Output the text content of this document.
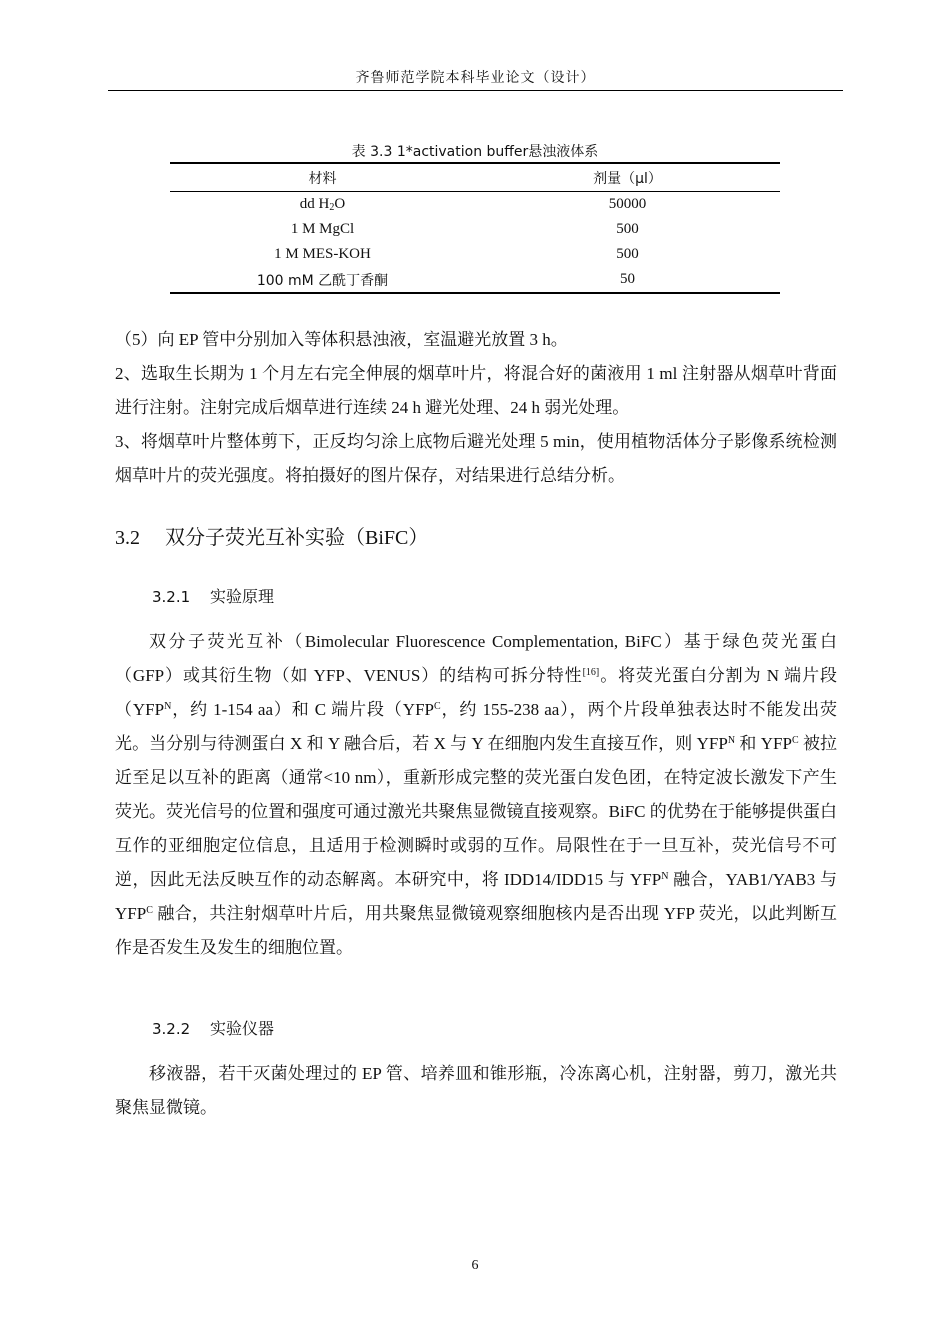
齐鲁师范学院本科毕业论文（设计）
表 3.3 1*activation buffer悬浊液体系
材料	剂量（μl）
dd $H_2O$	50000
1 M MgCl	500
1 M MES-KOH	500
100 mM 乙酰丁香酮	50

（5）向 EP 管中分别加入等体积悬浊液，室温避光放置 3 h。

2、选取生长期为 1 个月左右完全伸展的烟草叶片，将混合好的菌液用 1 ml 注射器从烟草叶背面进行注射。注射完成后烟草进行连续 24 h 避光处理、24 h 弱光处理。

3、将烟草叶片整体剪下，正反均匀涂上底物后避光处理 5 min，使用植物活体分子影像系统检测烟草叶片的荧光强度。将拍摄好的图片保存，对结果进行总结分析。

3.2 双分子荧光互补实验（BiFC）
3.2.1 实验原理

双分子荧光互补（Bimolecular Fluorescence Complementation, BiFC）基于绿色荧光蛋白（GFP）或其衍生物（如 YFP、VENUS）的结构可拆分特性[16]。将荧光蛋白分割为 N 端片段（$YFP^N$，约 1-154 aa）和 C 端片段（$YFP^C$，约 155-238 aa），两个片段单独表达时不能发出荧光。当分别与待测蛋白 X 和 Y 融合后，若 X 与 Y 在细胞内发生直接互作，则 $YFP^N$ 和 $YFP^C$ 被拉近至足以互补的距离（通常<10 nm），重新形成完整的荧光蛋白发色团，在特定波长激发下产生荧光。荧光信号的位置和强度可通过激光共聚焦显微镜直接观察。BiFC 的优势在于能够提供蛋白互作的亚细胞定位信息，且适用于检测瞬时或弱的互作。局限性在于一旦互补，荧光信号不可逆，因此无法反映互作的动态解离。本研究中，将 IDD14/IDD15 与 $YFP^N$ 融合，YAB1/YAB3 与 $YFP^C$ 融合，共注射烟草叶片后，用共聚焦显微镜观察细胞核内是否出现 YFP 荧光，以此判断互作是否发生及发生的细胞位置。

3.2.2 实验仪器

移液器，若干灭菌处理过的 EP 管、培养皿和锥形瓶，冷冻离心机，注射器，剪刀，激光共聚焦显微镜。

6
